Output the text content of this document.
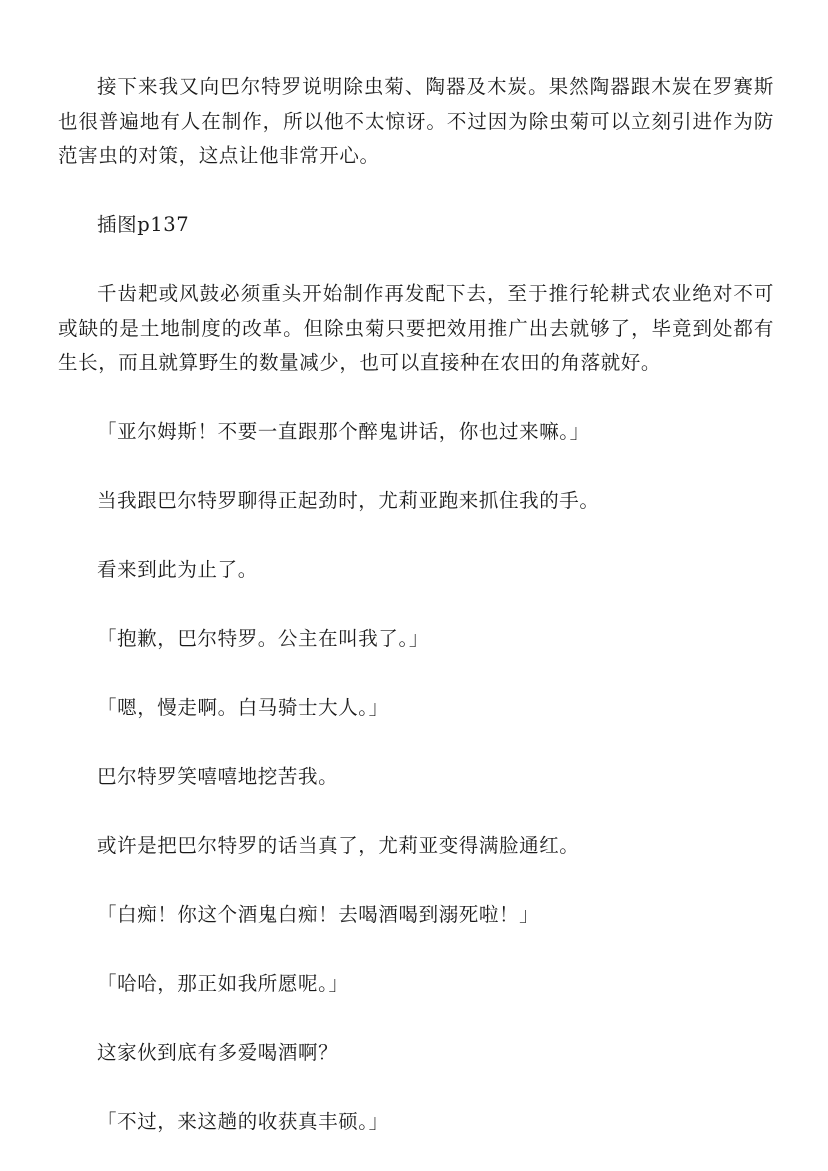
接下来我又向巴尔特罗说明除虫菊、陶器及木炭。果然陶器跟木炭在罗赛斯也很普遍地有人在制作，所以他不太惊讶。不过因为除虫菊可以立刻引进作为防范害虫的对策，这点让他非常开心。

插图p137

千齿耙或风鼓必须重头开始制作再发配下去，至于推行轮耕式农业绝对不可或缺的是土地制度的改革。但除虫菊只要把效用推广出去就够了，毕竟到处都有生长，而且就算野生的数量减少，也可以直接种在农田的角落就好。

「亚尔姆斯！不要一直跟那个醉鬼讲话，你也过来嘛。」

当我跟巴尔特罗聊得正起劲时，尤莉亚跑来抓住我的手。

看来到此为止了。

「抱歉，巴尔特罗。公主在叫我了。」

「嗯，慢走啊。白马骑士大人。」

巴尔特罗笑嘻嘻地挖苦我。

或许是把巴尔特罗的话当真了，尤莉亚变得满脸通红。

「白痴！你这个酒鬼白痴！去喝酒喝到溺死啦！」

「哈哈，那正如我所愿呢。」

这家伙到底有多爱喝酒啊？

「不过，来这趟的收获真丰硕。」
